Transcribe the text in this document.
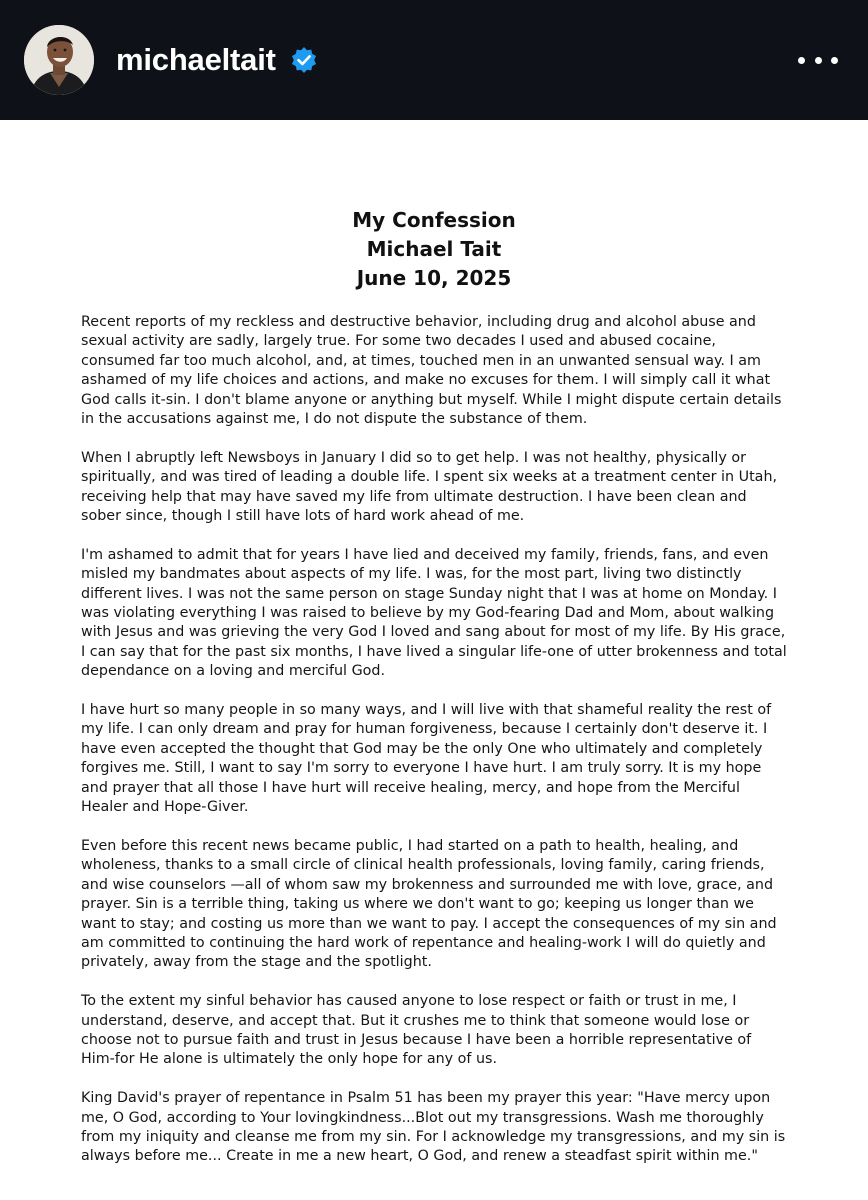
michaeltait
My Confession
Michael Tait
June 10, 2025

Recent reports of my reckless and destructive behavior, including drug and alcohol abuse and sexual activity are sadly, largely true. For some two decades I used and abused cocaine, consumed far too much alcohol, and, at times, touched men in an unwanted sensual way. I am ashamed of my life choices and actions, and make no excuses for them. I will simply call it what God calls it-sin. I don't blame anyone or anything but myself. While I might dispute certain details in the accusations against me, I do not dispute the substance of them.

When I abruptly left Newsboys in January I did so to get help. I was not healthy, physically or spiritually, and was tired of leading a double life. I spent six weeks at a treatment center in Utah, receiving help that may have saved my life from ultimate destruction. I have been clean and sober since, though I still have lots of hard work ahead of me.

I'm ashamed to admit that for years I have lied and deceived my family, friends, fans, and even misled my bandmates about aspects of my life. I was, for the most part, living two distinctly different lives. I was not the same person on stage Sunday night that I was at home on Monday. I was violating everything I was raised to believe by my God-fearing Dad and Mom, about walking with Jesus and was grieving the very God I loved and sang about for most of my life. By His grace, I can say that for the past six months, I have lived a singular life-one of utter brokenness and total dependance on a loving and merciful God.

I have hurt so many people in so many ways, and I will live with that shameful reality the rest of my life. I can only dream and pray for human forgiveness, because I certainly don't deserve it. I have even accepted the thought that God may be the only One who ultimately and completely forgives me. Still, I want to say I'm sorry to everyone I have hurt. I am truly sorry. It is my hope and prayer that all those I have hurt will receive healing, mercy, and hope from the Merciful Healer and Hope-Giver.

Even before this recent news became public, I had started on a path to health, healing, and wholeness, thanks to a small circle of clinical health professionals, loving family, caring friends, and wise counselors —all of whom saw my brokenness and surrounded me with love, grace, and prayer. Sin is a terrible thing, taking us where we don't want to go; keeping us longer than we want to stay; and costing us more than we want to pay. I accept the consequences of my sin and am committed to continuing the hard work of repentance and healing-work I will do quietly and privately, away from the stage and the spotlight.

To the extent my sinful behavior has caused anyone to lose respect or faith or trust in me, I understand, deserve, and accept that. But it crushes me to think that someone would lose or choose not to pursue faith and trust in Jesus because I have been a horrible representative of Him-for He alone is ultimately the only hope for any of us.

King David's prayer of repentance in Psalm 51 has been my prayer this year: "Have mercy upon me, O God, according to Your lovingkindness...Blot out my transgressions. Wash me thoroughly from my iniquity and cleanse me from my sin. For I acknowledge my transgressions, and my sin is always before me... Create in me a new heart, O God, and renew a steadfast spirit within me."
